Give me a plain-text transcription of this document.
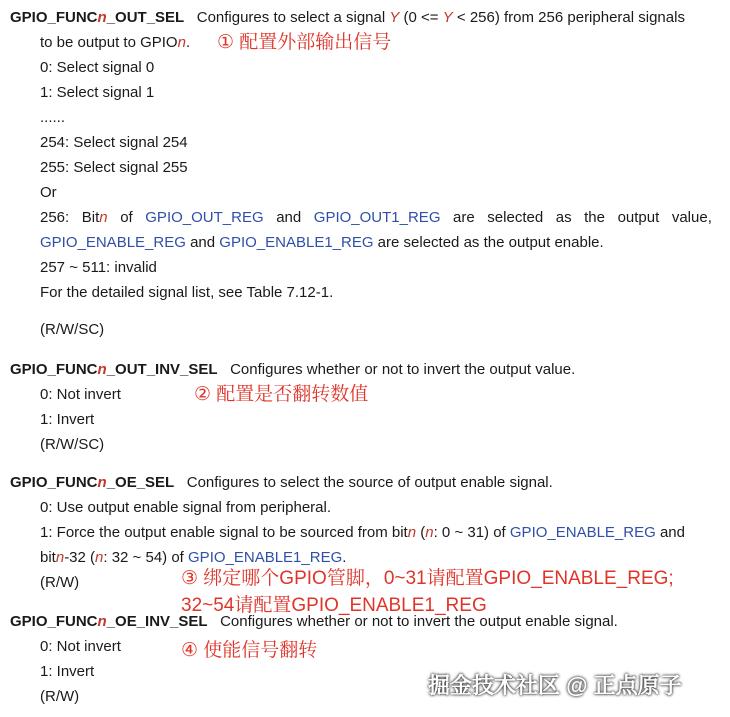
GPIO_FUNCn_OUT_SEL Configures to select a signal Y (0 <= Y < 256) from 256 peripheral signals
to be output to GPIOn. ① 配置外部输出信号
0: Select signal 0
1: Select signal 1
......
254: Select signal 254
255: Select signal 255
Or
256: Bitn of GPIO_OUT_REG and GPIO_OUT1_REG are selected as the output value,
GPIO_ENABLE_REG and GPIO_ENABLE1_REG are selected as the output enable.
257 ~ 511: invalid
For the detailed signal list, see Table 7.12-1.
(R/W/SC)
GPIO_FUNCn_OUT_INV_SEL Configures whether or not to invert the output value.
0: Not invert	② 配置是否翻转数值
1: Invert
(R/W/SC)
GPIO_FUNCn_OE_SEL Configures to select the source of output enable signal.
0: Use output enable signal from peripheral.
1: Force the output enable signal to be sourced from bitn (n: 0 ~ 31) of GPIO_ENABLE_REG and
bitn-32 (n: 32 ~ 54) of GPIO_ENABLE1_REG.
(R/W)	③ 绑定哪个GPIO管脚，0~31请配置GPIO_ENABLE_REG;
32~54请配置GPIO_ENABLE1_REG
GPIO_FUNCn_OE_INV_SEL Configures whether or not to invert the output enable signal.
0: Not invert	④ 使能信号翻转
1: Invert
(R/W)	掘金技术社区 @ 正点原子
